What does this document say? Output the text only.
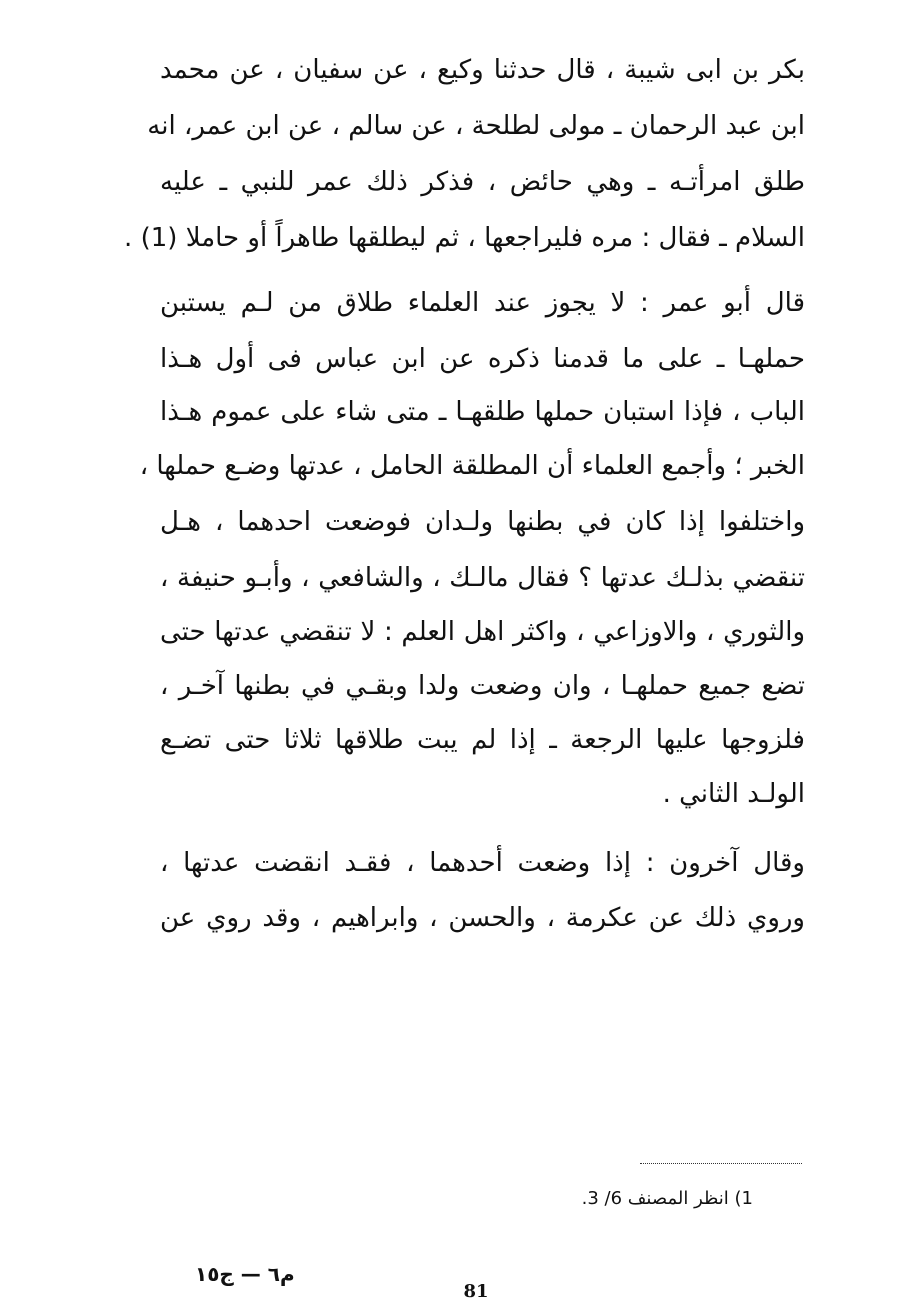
بكر بن ابى شيبة ، قال حدثنا وكيع ، عن سفيان ، عن محمد
ابن عبد الرحمان ـ مولى لطلحة ، عن سالم ، عن ابن عمر، انه
طلق امرأتـه ـ وهي حائض ، فذكر ذلك عمر للنبي ـ عليه
السلام ـ فقال : مره فليراجعها ، ثم ليطلقها طاهراً أو حاملا (1) .
قال أبو عمر : لا يجوز عند العلماء طلاق من لـم يستبن
حملهـا ـ على ما قدمنا ذكره عن ابن عباس فى أول هـذا
الباب ، فإذا استبان حملها طلقهـا ـ متى شاء على عموم هـذا
الخبر ؛ وأجمع العلماء أن المطلقة الحامل ، عدتها وضـع حملها ،
واختلفوا إذا كان في بطنها ولـدان فوضعت احدهما ، هـل
تنقضي بذلـك عدتها ؟ فقال مالـك ، والشافعي ، وأبـو حنيفة ،
والثوري ، والاوزاعي ، واكثر اهل العلم : لا تنقضي عدتها حتى
تضع جميع حملهـا ، وان وضعت ولدا وبقـي في بطنها آخـر ،
فلزوجها عليها الرجعة ـ إذا لم يبت طلاقها ثلاثا حتى تضـع
الولـد الثاني .
وقال آخرون : إذا وضعت أحدهما ، فقـد انقضت عدتها ،
وروي ذلك عن عكرمة ، والحسن ، وابراهيم ، وقد روي عن
1) انظر المصنف 6/ 3.
م٦ — ج١٥
81
